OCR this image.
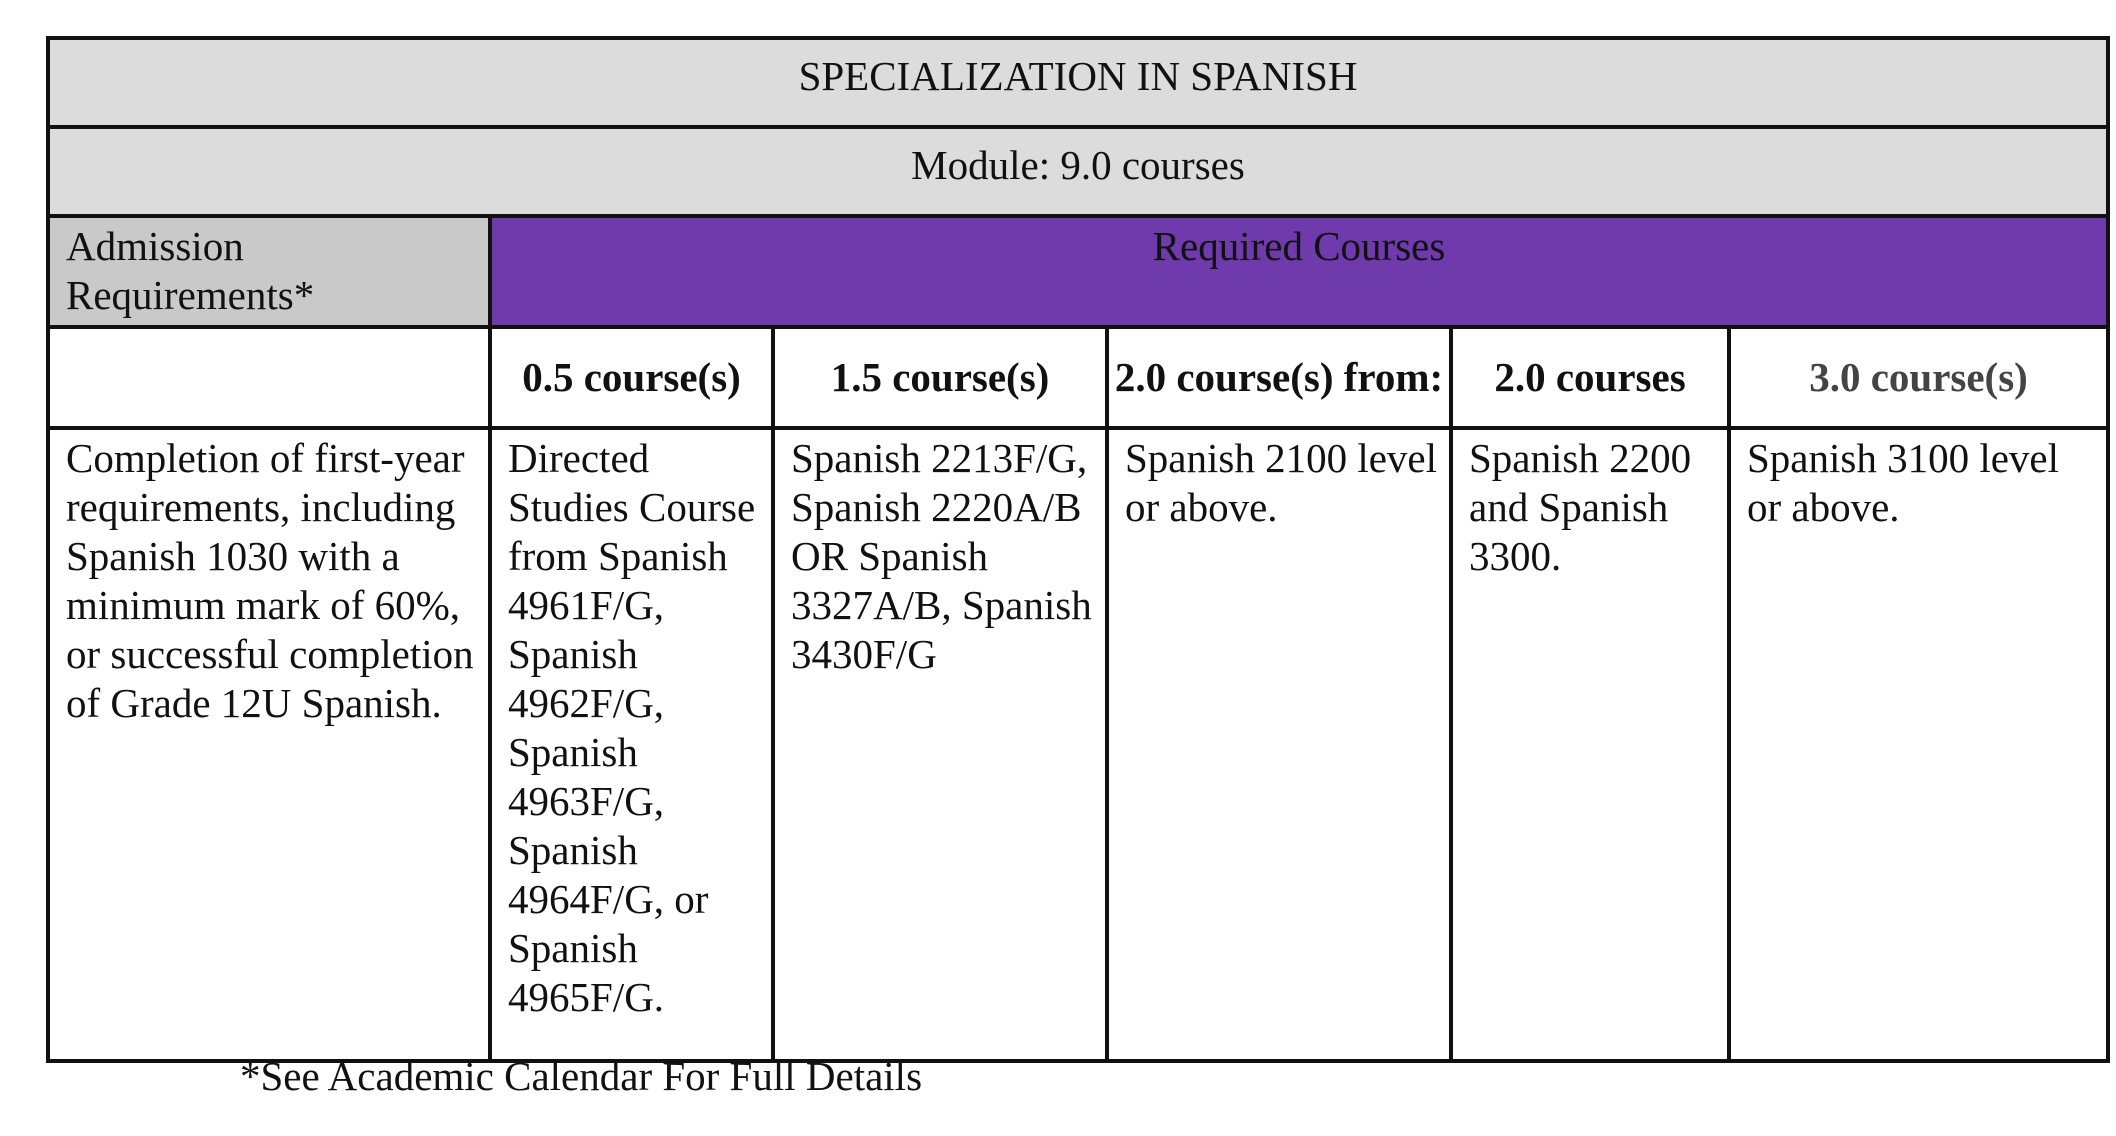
SPECIALIZATION IN SPANISH					
Module: 9.0 courses					
Admission Requirements*	Required Courses				
	0.5 course(s)	1.5 course(s)	2.0 course(s) from:	2.0 courses	3.0 course(s)
Completion of first-year requirements, including Spanish 1030 with a minimum mark of 60%, or successful completion of Grade 12U Spanish.	Directed Studies Course from Spanish 4961F/G, Spanish 4962F/G, Spanish 4963F/G, Spanish 4964F/G, or Spanish 4965F/G.	Spanish 2213F/G, Spanish 2220A/B OR Spanish 3327A/B, Spanish 3430F/G	Spanish 2100 level or above.	Spanish 2200 and Spanish 3300.	Spanish 3100 level or above.
*See Academic Calendar For Full Details
